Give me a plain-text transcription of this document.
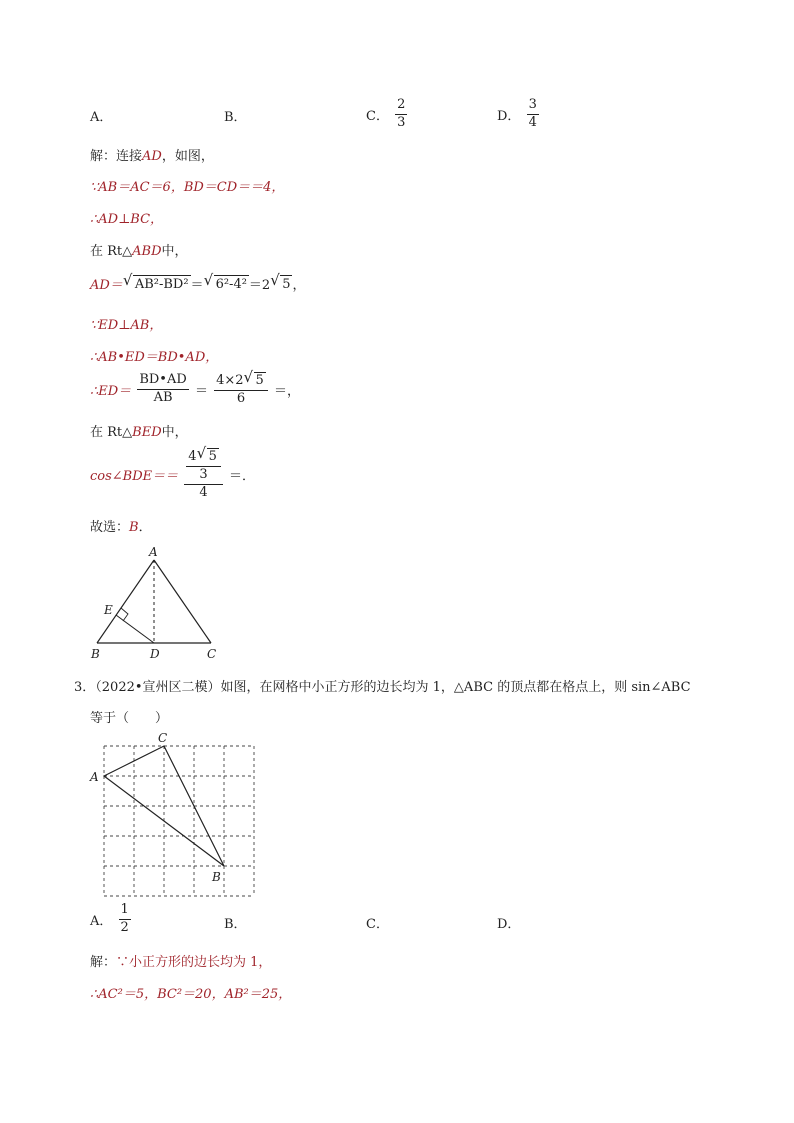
A．	B．	C． $\frac{2}{3}$	D． $\frac{3}{4}$
解：连接AD，如图，
∵AB＝AC＝6，BD＝CD＝＝4，
∴AD⊥BC，
在 Rt△ABD中，
AD＝ √ AB²-BD² ＝ √ 6²-4² ＝2 √ 5 ，
∵ED⊥AB，
∴AB•ED＝BD•AD，
∴ED＝ $\frac{BD•AD}{AB} = \frac{4\times 2 √ 5}{6}$ ＝，
在 Rt△BED中，
cos∠BDE＝＝ $\frac{\frac{4 √ 5}{3}}{4}$ ＝．
故选：B．
A
E
B	D	C
3．（2022•宣州区二模）如图，在网格中小正方形的边长均为 1，△ABC 的顶点都在格点上，则 sin∠ABC
等于（　　）
A
C
B
A． $\frac{1}{2}$	B．	C．	D．
解：∵小正方形的边长均为 1，
∴AC²＝5，BC²＝20，AB²＝25，
